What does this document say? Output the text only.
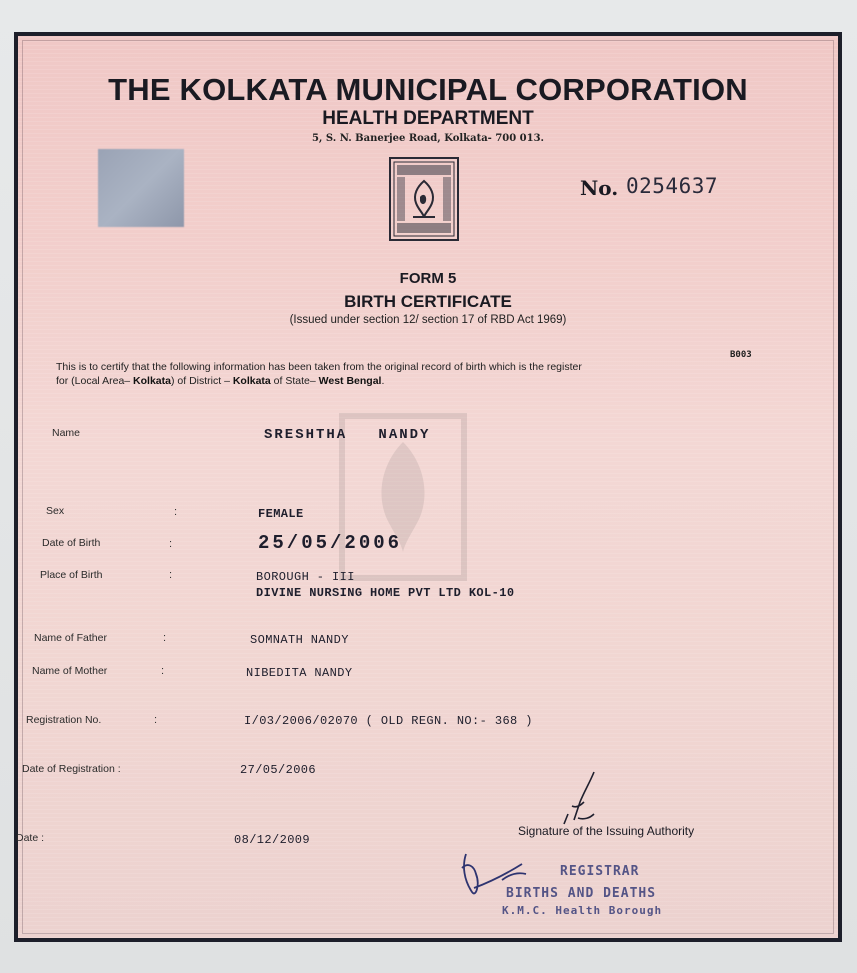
THE KOLKATA MUNICIPAL CORPORATION
HEALTH DEPARTMENT
5, S. N. Banerjee Road, Kolkata- 700 013.
No. 0254637
FORM 5
BIRTH CERTIFICATE
(Issued under section 12/ section 17 of RBD Act 1969)
B003
This is to certify that the following information has been taken from the original record of birth which is the register
for (Local Area– Kolkata) of District – Kolkata of State– West Bengal.
Name	SRESHTHA   NANDY
Sex	:	FEMALE
Date of Birth	:	25/05/2006
Place of Birth	:	BOROUGH - III
DIVINE NURSING HOME PVT LTD KOL-10
Name of Father	:	SOMNATH NANDY
Name of Mother	:	NIBEDITA NANDY
Registration No.	:	I/03/2006/02070 ( OLD REGN. NO:- 368 )
Date of Registration :	27/05/2006
Date :	08/12/2009
Signature of the Issuing Authority
REGISTRAR
BIRTHS AND DEATHS
K.M.C. Health Borough
